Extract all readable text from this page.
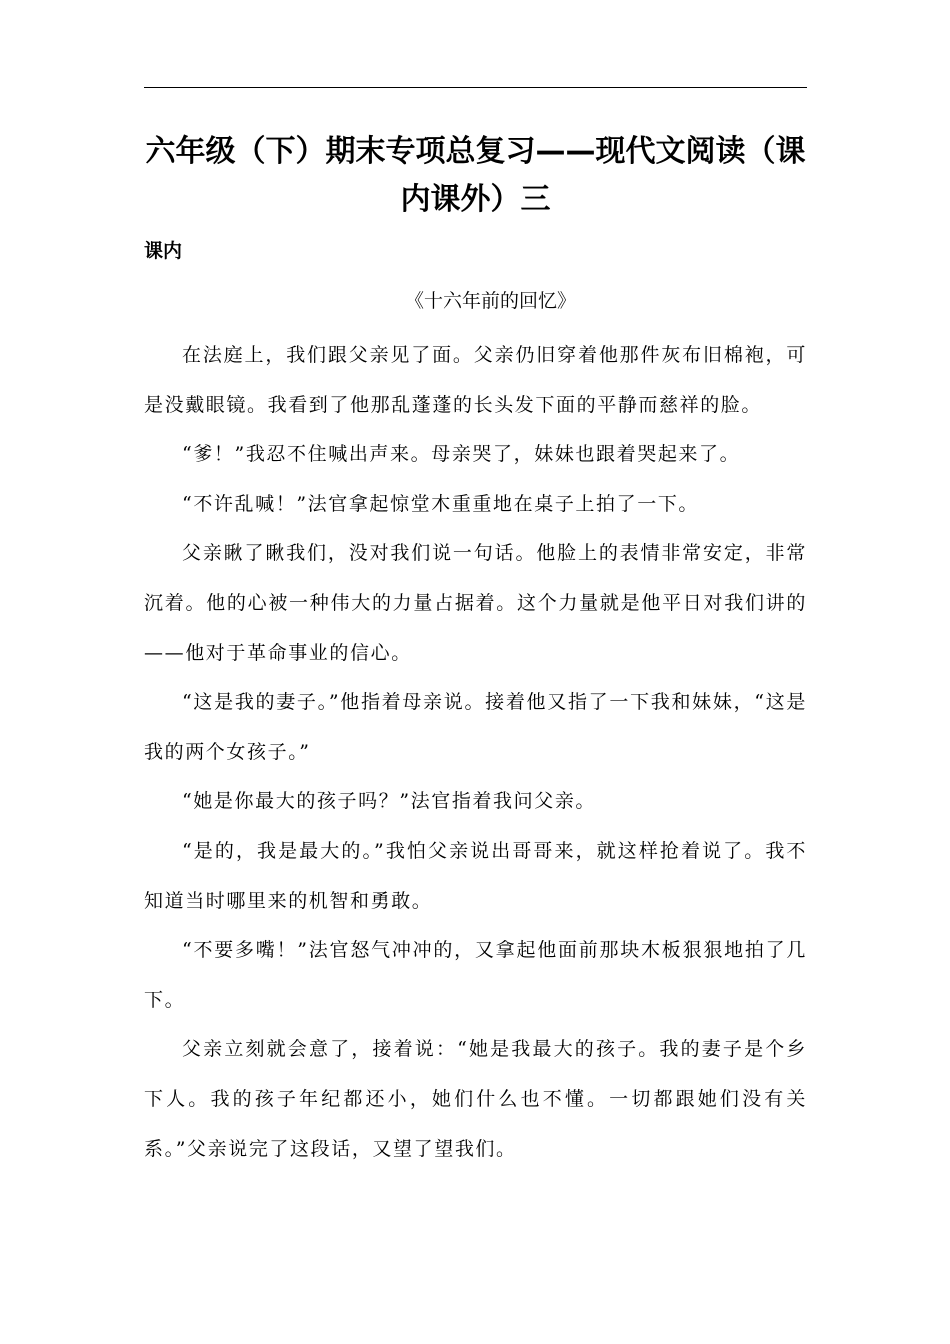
六年级（下）期末专项总复习——现代文阅读（课内课外）三
课内
《十六年前的回忆》

在法庭上，我们跟父亲见了面。父亲仍旧穿着他那件灰布旧棉袍，可是没戴眼镜。我看到了他那乱蓬蓬的长头发下面的平静而慈祥的脸。

“爹！”我忍不住喊出声来。母亲哭了，妹妹也跟着哭起来了。

“不许乱喊！”法官拿起惊堂木重重地在桌子上拍了一下。

父亲瞅了瞅我们，没对我们说一句话。他脸上的表情非常安定，非常沉着。他的心被一种伟大的力量占据着。这个力量就是他平日对我们讲的——他对于革命事业的信心。

“这是我的妻子。”他指着母亲说。接着他又指了一下我和妹妹，“这是我的两个女孩子。”

“她是你最大的孩子吗？”法官指着我问父亲。

“是的，我是最大的。”我怕父亲说出哥哥来，就这样抢着说了。我不知道当时哪里来的机智和勇敢。

“不要多嘴！”法官怒气冲冲的，又拿起他面前那块木板狠狠地拍了几下。

父亲立刻就会意了，接着说：“她是我最大的孩子。我的妻子是个乡下人。我的孩子年纪都还小，她们什么也不懂。一切都跟她们没有关系。”父亲说完了这段话，又望了望我们。
